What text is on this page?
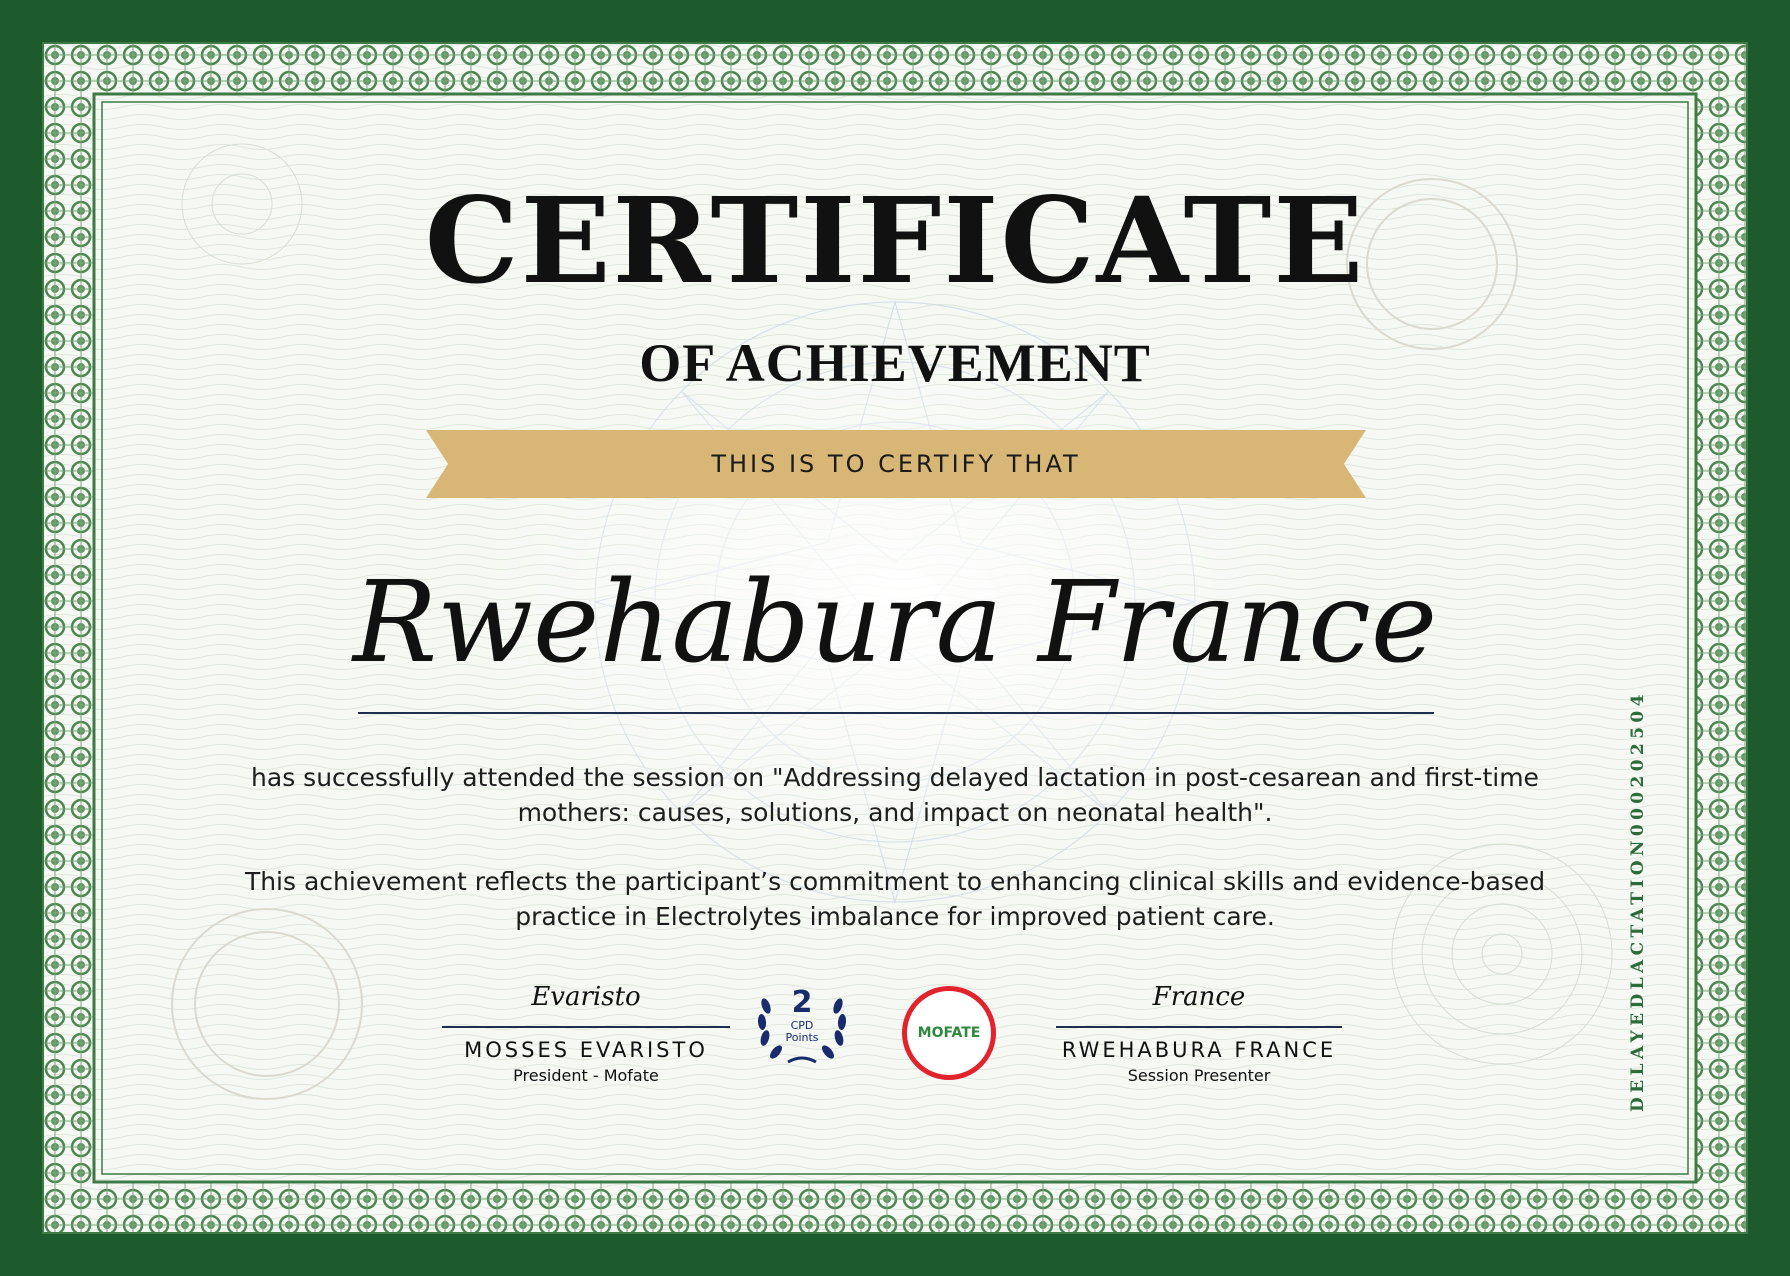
CERTIFICATE
OF ACHIEVEMENT
THIS IS TO CERTIFY THAT
Rwehabura France
has successfully attended the session on "Addressing delayed lactation in post-cesarean and first-time mothers: causes, solutions, and impact on neonatal health".
This achievement reflects the participant’s commitment to enhancing clinical skills and evidence-based practice in Electrolytes imbalance for improved patient care.
Evaristo
MOSSES EVARISTO
President - Mofate
2
CPD
Points	MOFATE
France
RWEHABURA FRANCE
Session Presenter	DELAYEDLACTATION000202504
